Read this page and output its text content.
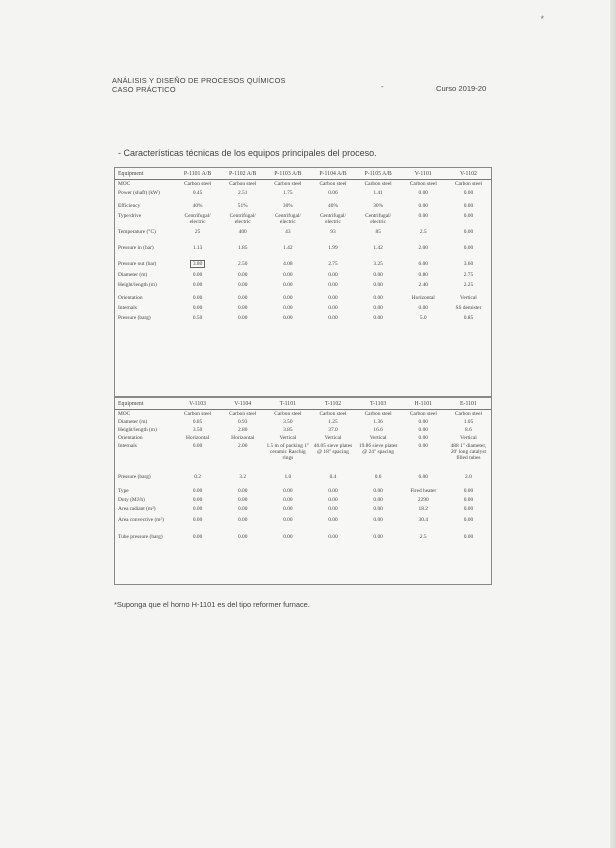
*
ANÁLISIS Y DISEÑO DE PROCESOS QUÍMICOS
CASO PRÁCTICO	-	Curso 2019-20
- Características técnicas de los equipos principales del proceso.
Equipment	P-1101 A/B	P-1102 A/B	P-1103 A/B	P-1104 A/B	P-1105 A/B	V-1101	V-1102
MOC	Carbon steel	Carbon steel	Carbon steel	Carbon steel	Carbon steel	Carbon steel	Carbon steel
Power (shaft) (kW)	0.45	2.51	1.75	0.06	1.41	0.00	0.00
Efficiency	40%	51%	30%	40%	30%	0.00	0.00
Type/drive	Centrifugal/ electric	Centrifugal/ electric	Centrifugal/ electric	Centrifugal/ electric	Centrifugal/ electric	0.00	0.00
Temperature (°C)	25	400	43	93	85	2.5	0.00
Pressure in (bar)	1.13	1.85	1.42	1.99	1.42	2.00	0.00
Pressure out (bar)	3.80	2.50	4.08	2.75	3.25	6.00	3.60
Diameter (m)	0.00	0.00	0.00	0.00	0.00	0.80	2.75
Height/length (m)	0.00	0.00	0.00	0.00	0.00	2.40	2.25
Orientation	0.00	0.00	0.00	0.00	0.00	Horizontal	Vertical
Internals	0.00	0.00	0.00	0.00	0.00	0.00	SS demister
Pressure (barg)	0.50	0.00	0.00	0.00	0.00	5.0	0.85
Equipment	V-1103	V-1104	T-1101	T-1102	T-1103	H-1101	E-1101
MOC	Carbon steel	Carbon steel	Carbon steel	Carbon steel	Carbon steel	Carbon steel	Carbon steel
Diameter (m)	0.85	0.93	3.50	1.25	1.36	0.00	1.05
Height/length (m)	3.50	2.80	3.85	37.0	16.6	0.00	8.6
Orientation	Horizontal	Horizontal	Vertical	Vertical	Vertical	0.00	Vertical
Internals	0.00	2.00	1.5 m of packing 1" ceramic Raschig rings	46.05 sieve plates @ 18" spacing	19.86 sieve plates @ 24" spacing	0.00	488 1" diameter, 20' long catalyst filled tubes
Pressure (barg)	0.2	3.2	1.0	0.4	0.6	6.00	2.0
Type	0.00	0.00	0.00	0.00	0.00	Fired heater	0.00
Duty (MJ/h)	0.00	0.00	0.00	0.00	0.00	2290	0.00
Area radiant (m²)	0.00	0.00	0.00	0.00	0.00	18.2	0.00
Area convective (m²)	0.00	0.00	0.00	0.00	0.00	30.4	0.00
Tube pressure (barg)	0.00	0.00	0.00	0.00	0.00	2.5	0.00
*Suponga que el horno H-1101 es del tipo reformer furnace.
